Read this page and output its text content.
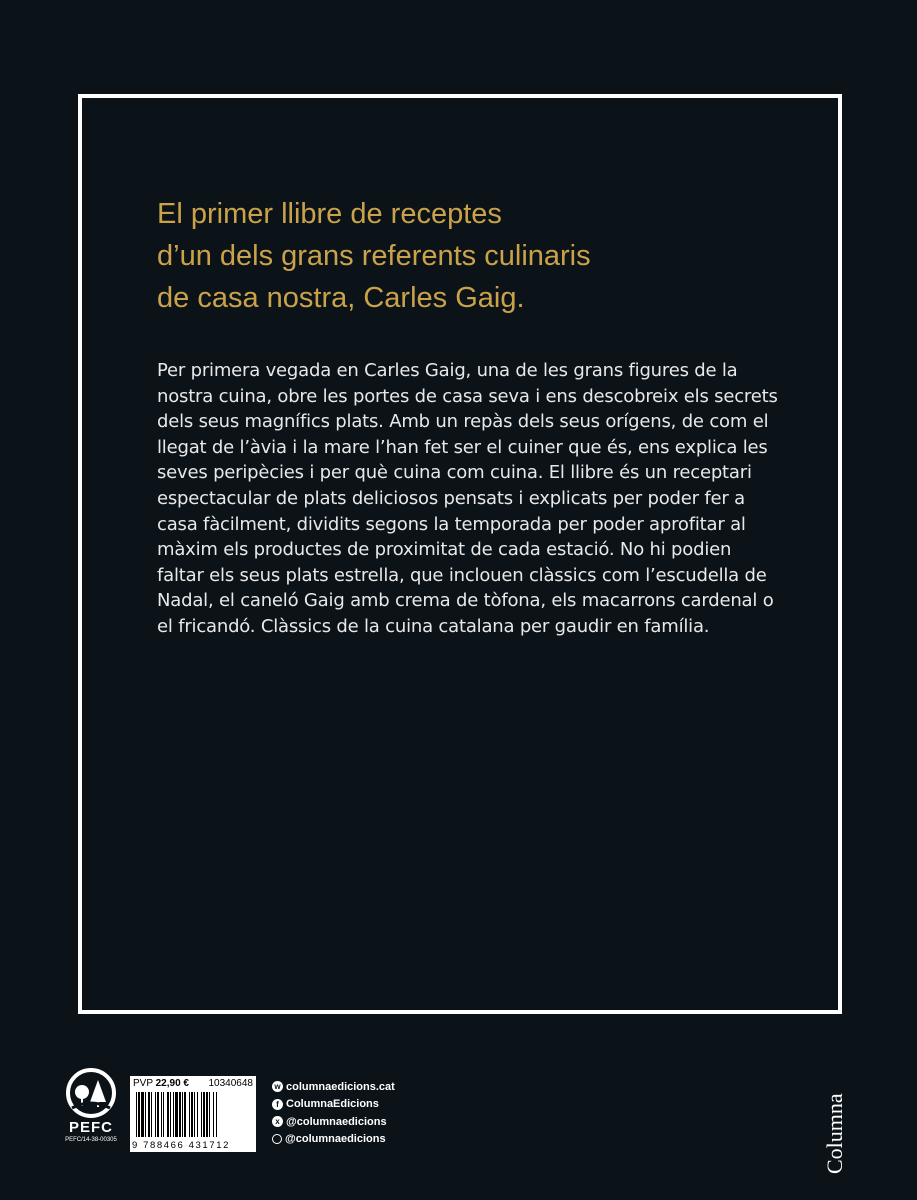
El primer llibre de receptes
d’un dels grans referents culinaris
de casa nostra, Carles Gaig.
Per primera vegada en Carles Gaig, una de les grans figures de la
nostra cuina, obre les portes de casa seva i ens descobreix els secrets
dels seus magnífics plats. Amb un repàs dels seus orígens, de com el
llegat de l’àvia i la mare l’han fet ser el cuiner que és, ens explica les
seves peripècies i per què cuina com cuina. El llibre és un receptari
espectacular de plats deliciosos pensats i explicats per poder fer a
casa fàcilment, dividits segons la temporada per poder aprofitar al
màxim els productes de proximitat de cada estació. No hi podien
faltar els seus plats estrella, que inclouen clàssics com l’escudella de
Nadal, el caneló Gaig amb crema de tòfona, els macarrons cardenal o
el fricandó. Clàssics de la cuina catalana per gaudir en família.
PEFC
PEFC/14-38-00305
PVP 22,90 € 10340648
9 788466 431712
w columnaedicions.cat
f ColumnaEdicions
x @columnaedicions
@columnaedicions	Columna
